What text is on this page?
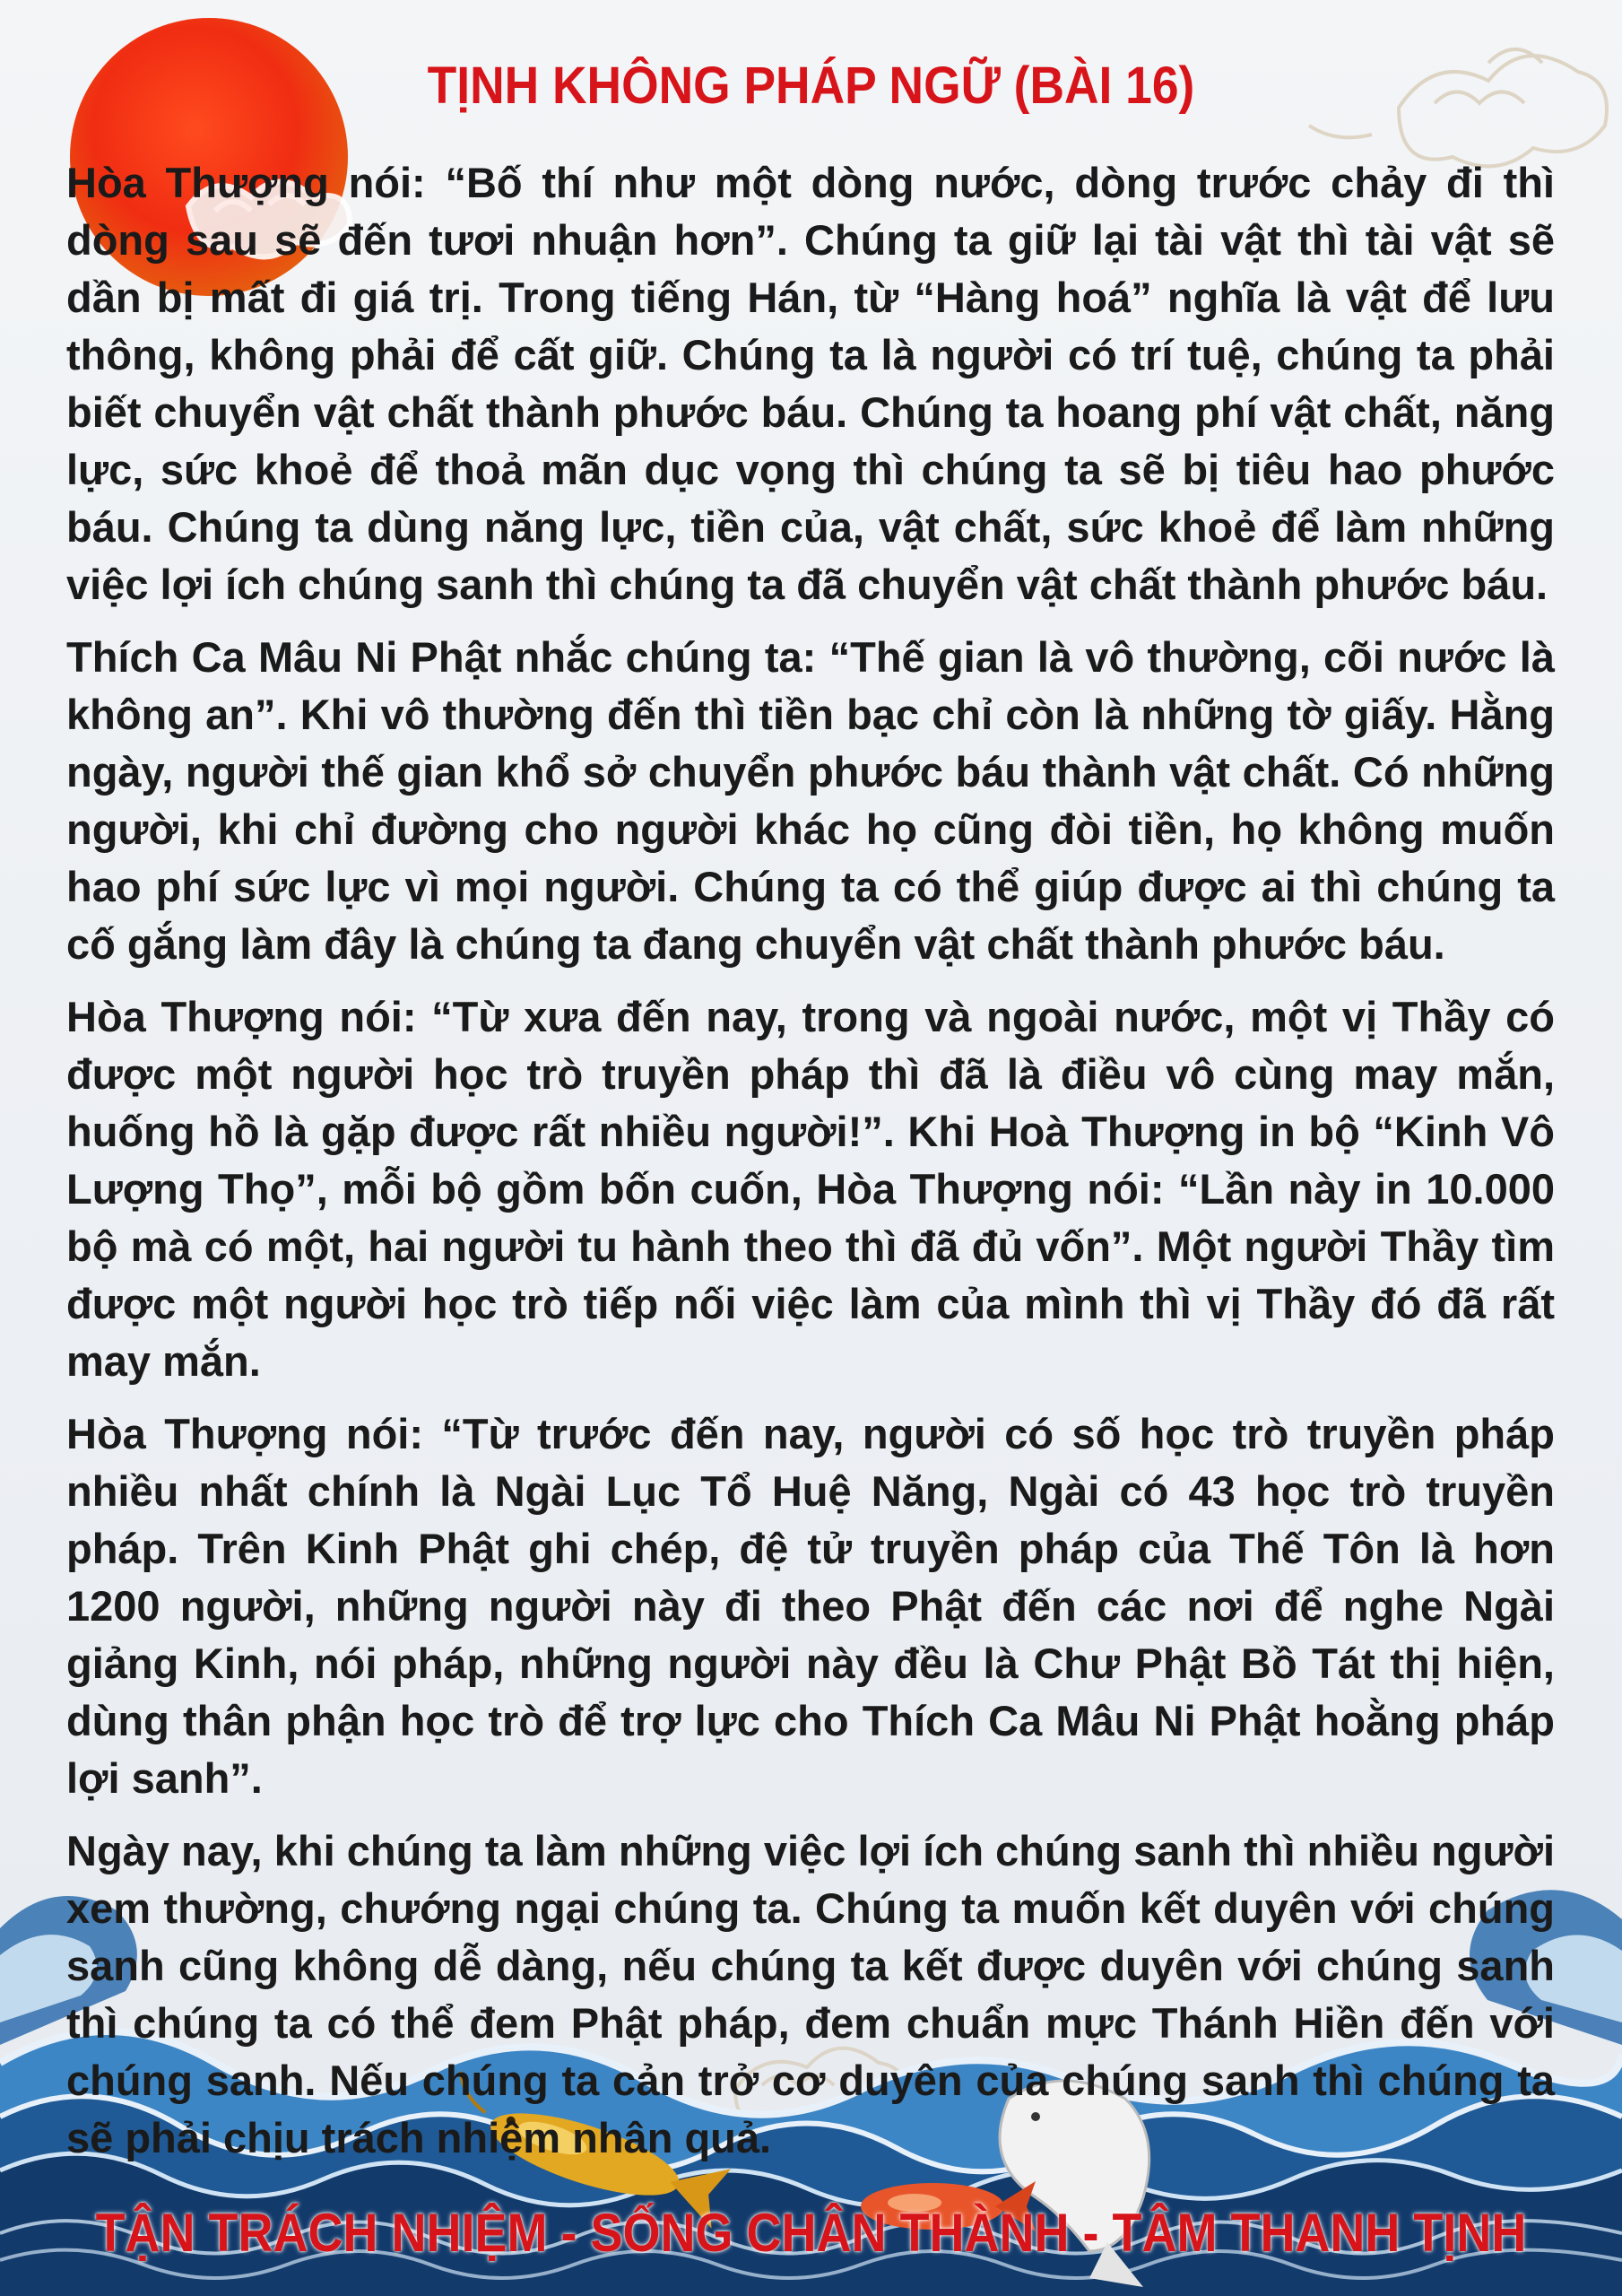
TỊNH KHÔNG PHÁP NGỮ (BÀI 16)

Hòa Thượng nói: “Bố thí như một dòng nước, dòng trước chảy đi thì dòng sau sẽ đến tươi nhuận hơn”. Chúng ta giữ lại tài vật thì tài vật sẽ dần bị mất đi giá trị. Trong tiếng Hán, từ “Hàng hoá” nghĩa là vật để lưu thông, không phải để cất giữ. Chúng ta là người có trí tuệ, chúng ta phải biết chuyển vật chất thành phước báu. Chúng ta hoang phí vật chất, năng lực, sức khoẻ để thoả mãn dục vọng thì chúng ta sẽ bị tiêu hao phước báu. Chúng ta dùng năng lực, tiền của, vật chất, sức khoẻ để làm những việc lợi ích chúng sanh thì chúng ta đã chuyển vật chất thành phước báu.

Thích Ca Mâu Ni Phật nhắc chúng ta: “Thế gian là vô thường, cõi nước là không an”. Khi vô thường đến thì tiền bạc chỉ còn là những tờ giấy. Hằng ngày, người thế gian khổ sở chuyển phước báu thành vật chất. Có những người, khi chỉ đường cho người khác họ cũng đòi tiền, họ không muốn hao phí sức lực vì mọi người. Chúng ta có thể giúp được ai thì chúng ta cố gắng làm đây là chúng ta đang chuyển vật chất thành phước báu.

Hòa Thượng nói: “Từ xưa đến nay, trong và ngoài nước, một vị Thầy có được một người học trò truyền pháp thì đã là điều vô cùng may mắn, huống hồ là gặp được rất nhiều người!”. Khi Hoà Thượng in bộ “Kinh Vô Lượng Thọ”, mỗi bộ gồm bốn cuốn, Hòa Thượng nói: “Lần này in 10.000 bộ mà có một, hai người tu hành theo thì đã đủ vốn”. Một người Thầy tìm được một người học trò tiếp nối việc làm của mình thì vị Thầy đó đã rất may mắn.

Hòa Thượng nói: “Từ trước đến nay, người có số học trò truyền pháp nhiều nhất chính là Ngài Lục Tổ Huệ Năng, Ngài có 43 học trò truyền pháp. Trên Kinh Phật ghi chép, đệ tử truyền pháp của Thế Tôn là hơn 1200 người, những người này đi theo Phật đến các nơi để nghe Ngài giảng Kinh, nói pháp, những người này đều là Chư Phật Bồ Tát thị hiện, dùng thân phận học trò để trợ lực cho Thích Ca Mâu Ni Phật hoằng pháp lợi sanh”.

Ngày nay, khi chúng ta làm những việc lợi ích chúng sanh thì nhiều người xem thường, chướng ngại chúng ta. Chúng ta muốn kết duyên với chúng sanh cũng không dễ dàng, nếu chúng ta kết được duyên với chúng sanh thì chúng ta có thể đem Phật pháp, đem chuẩn mực Thánh Hiền đến với chúng sanh. Nếu chúng ta cản trở cơ duyên của chúng sanh thì chúng ta sẽ phải chịu trách nhiệm nhân quả.

TẬN TRÁCH NHIỆM - SỐNG CHÂN THÀNH - TÂM THANH TỊNH
